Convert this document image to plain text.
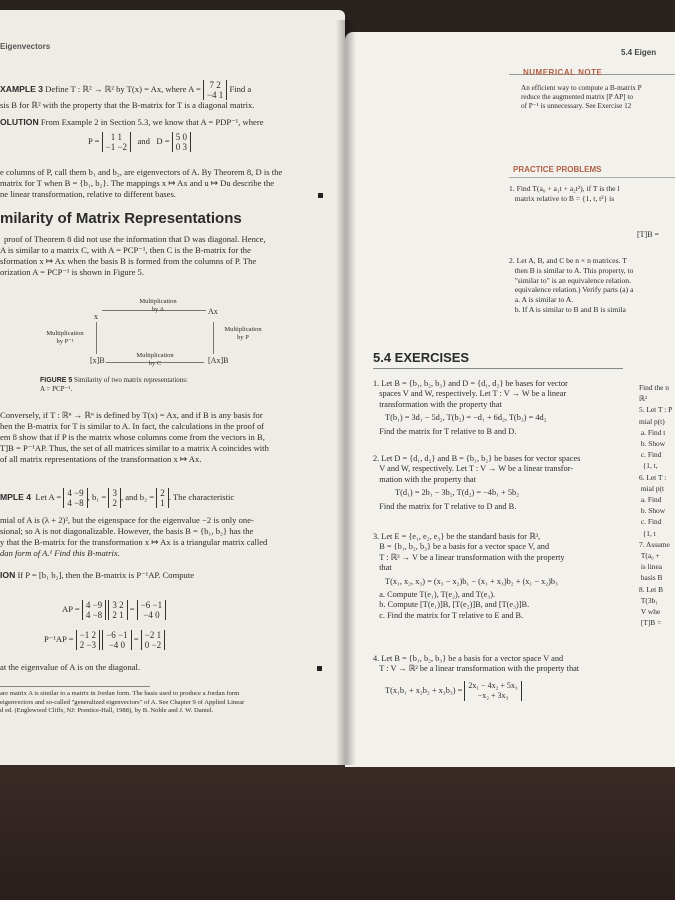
Eigenvectors
XAMPLE 3 Define T : ℝ² → ℝ² by T(x) = Ax, where A = 7 2
−4 1 Find a
sis B for ℝ² with the property that the B-matrix for T is a diagonal matrix.
OLUTION From Example 2 in Section 5.3, we know that A = PDP⁻¹, where
P = 1 1
−1 −2   and D = 5 0
0 3
e columns of P, call them b₁ and b₂, are eigenvectors of A. By Theorem 8, D is the
matrix for T when B = {b₁, b₂}. The mappings x ↦ Ax and u ↦ Du describe the
ne linear transformation, relative to different bases.
milarity of Matrix Representations
proof of Theorem 8 did not use the information that D was diagonal. Hence,
A is similar to a matrix C, with A = PCP⁻¹, then C is the B-matrix for the
sformation x ↦ Ax when the basis B is formed from the columns of P. The
orization A = PCP⁻¹ is shown in Figure 5.
x
Ax
[x]B	[Ax]B
Multiplication
by A
Multiplication
by P⁻¹
Multiplication
by P
Multiplication
by C
FIGURE 5 Similarity of two matrix representations:
A = PCP⁻¹.
Conversely, if T : ℝⁿ → ℝⁿ is defined by T(x) = Ax, and if B is any basis for
hen the B-matrix for T is similar to A. In fact, the calculations in the proof of
em 8 show that if P is the matrix whose columns come from the vectors in B,
T]B = P⁻¹AP. Thus, the set of all matrices similar to a matrix A coincides with
of all matrix representations of the transformation x ↦ Ax.
MPLE 4 Let A = 4 −9
4 −8, b₁ = 3
2, and b₂ = 2
1. The characteristic
mial of A is (λ + 2)², but the eigenspace for the eigenvalue −2 is only one-
sional; so A is not diagonalizable. However, the basis B = {b₁, b₂} has the
y that the B-matrix for the transformation x ↦ Ax is a triangular matrix called
dan form of A.¹ Find this B-matrix.
ION If P = [b₁ b₂], then the B-matrix is P⁻¹AP. Compute
AP = 4 −9
4 −8 3 2
2 1 = −6 −1
−4 0
P⁻¹AP = −1 2
2 −3 −6 −1
−4 0 = −2 1
0 −2
at the eigenvalue of A is on the diagonal.
are matrix A is similar to a matrix in Jordan form. The basis used to produce a Jordan form
eigenvectors and so-called "generalized eigenvectors" of A. See Chapter 9 of Applied Linear
d ed. (Englewood Cliffs, NJ: Prentice-Hall, 1988), by B. Noble and J. W. Daniel.
5.4 Eigen
NUMERICAL NOTE
An efficient way to compute a B-matrix P
reduce the augmented matrix [P AP] to
of P⁻¹ is unnecessary. See Exercise 12
PRACTICE PROBLEMS
1. Find T(a₀ + a₁t + a₂t²), if T is the l
matrix relative to B = {1, t, t²} is
[T]B =
2. Let A, B, and C be n × n matrices. T
then B is similar to A. This property, to
"similar to" is an equivalence relation.
equivalence relation.) Verify parts (a) a
a. A is similar to A.
b. If A is similar to B and B is simila
5.4 EXERCISES
1. Let B = {b₁, b₂, b₃} and D = {d₁, d₂} be bases for vector
spaces V and W, respectively. Let T : V → W be a linear
transformation with the property that
T(b₁) = 3d₁ − 5d₂, T(b₂) = −d₁ + 6d₂, T(b₃) = 4d₂
Find the matrix for T relative to B and D.
2. Let D = {d₁, d₂} and B = {b₁, b₂} be bases for vector spaces
V and W, respectively. Let T : V → W be a linear transfor-
mation with the property that
T(d₁) = 2b₁ − 3b₂, T(d₂) = −4b₁ + 5b₂
Find the matrix for T relative to D and B.
3. Let E = {e₁, e₂, e₃} be the standard basis for ℝ³,
B = {b₁, b₂, b₃} be a basis for a vector space V, and
T : ℝ³ → V be a linear transformation with the property
that
T(x₁, x₂, x₃) = (x₃ − x₂)b₁ − (x₁ + x₃)b₂ + (x₁ − x₂)b₃
a. Compute T(e₁), T(e₂), and T(e₃).
b. Compute [T(e₁)]B, [T(e₂)]B, and [T(e₃)]B.
c. Find the matrix for T relative to E and B.
4. Let B = {b₁, b₂, b₃} be a basis for a vector space V and
T : V → ℝ² be a linear transformation with the property that
T(x₁b₁ + x₂b₂ + x₃b₃) = 2x₁ − 4x₂ + 5x₃
−x₂ + 3x₃
Find the n
ℝ²
5. Let T : P
mial p(t)
a. Find t
b. Show
c. Find
{1, t,
6. Let T :
mial p(t
a. Find
b. Show
c. Find
{1, t
7. Assume
T(a₀ +
is linea
basis B
8. Let B
T(3b₁
V whe
[T]B =
